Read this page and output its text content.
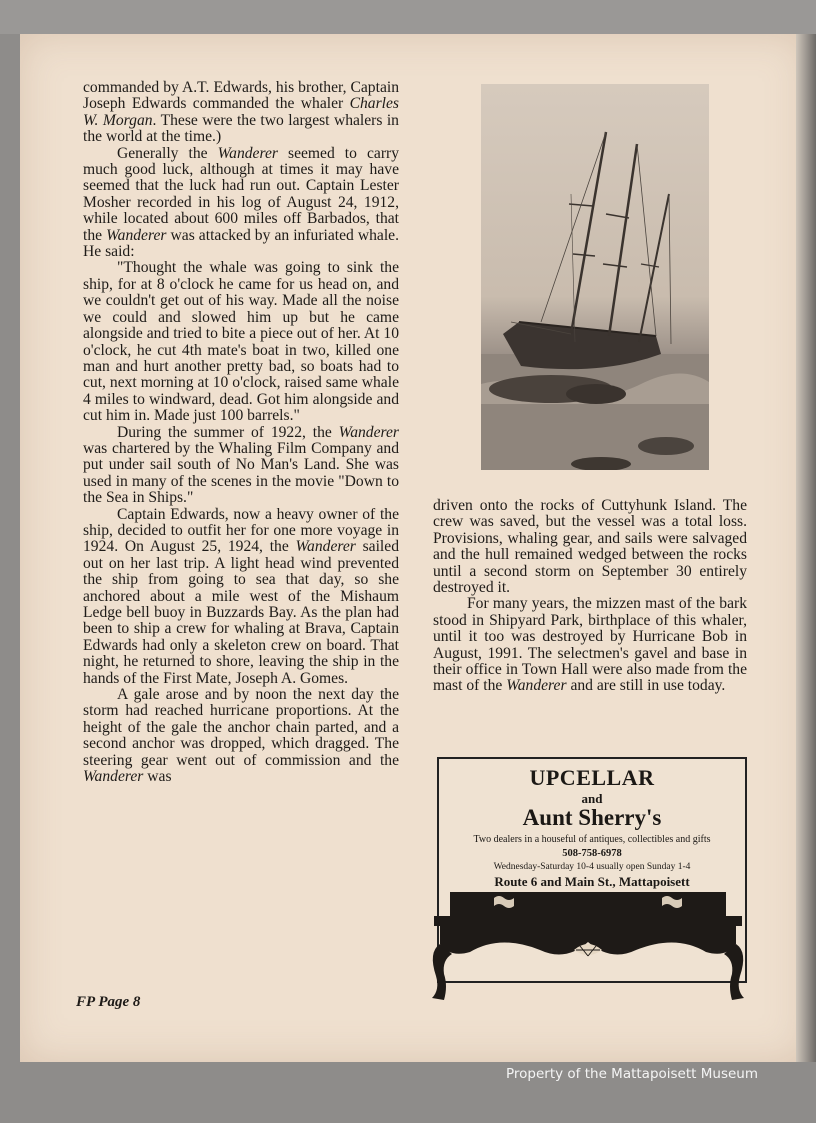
commanded by A.T. Edwards, his brother, Captain Joseph Edwards commanded the whaler Charles W. Morgan. These were the two largest whalers in the world at the time.)

Generally the Wanderer seemed to carry much good luck, although at times it may have seemed that the luck had run out. Captain Lester Mosher recorded in his log of August 24, 1912, while located about 600 miles off Barbados, that the Wanderer was attacked by an infuriated whale. He said:

"Thought the whale was going to sink the ship, for at 8 o'clock he came for us head on, and we couldn't get out of his way. Made all the noise we could and slowed him up but he came alongside and tried to bite a piece out of her. At 10 o'clock, he cut 4th mate's boat in two, killed one man and hurt another pretty bad, so boats had to cut, next morning at 10 o'clock, raised same whale 4 miles to windward, dead. Got him alongside and cut him in. Made just 100 barrels."

During the summer of 1922, the Wanderer was chartered by the Whaling Film Company and put under sail south of No Man's Land. She was used in many of the scenes in the movie "Down to the Sea in Ships."

Captain Edwards, now a heavy owner of the ship, decided to outfit her for one more voyage in 1924. On August 25, 1924, the Wanderer sailed out on her last trip. A light head wind prevented the ship from going to sea that day, so she anchored about a mile west of the Mishaum Ledge bell buoy in Buzzards Bay. As the plan had been to ship a crew for whaling at Brava, Captain Edwards had only a skeleton crew on board. That night, he returned to shore, leaving the ship in the hands of the First Mate, Joseph A. Gomes.

A gale arose and by noon the next day the storm had reached hurricane proportions. At the height of the gale the anchor chain parted, and a second anchor was dropped, which dragged. The steering gear went out of commission and the Wanderer was

driven onto the rocks of Cuttyhunk Island. The crew was saved, but the vessel was a total loss. Provisions, whaling gear, and sails were salvaged and the hull remained wedged between the rocks until a second storm on September 30 entirely destroyed it.

For many years, the mizzen mast of the bark stood in Shipyard Park, birthplace of this whaler, until it too was destroyed by Hurricane Bob in August, 1991. The selectmen's gavel and base in their office in Town Hall were also made from the mast of the Wanderer and are still in use today.

UPCELLAR
and
Aunt Sherry's
Two dealers in a houseful of antiques, collectibles and gifts
508-758-6978
Wednesday-Saturday 10-4 usually open Sunday 1-4
Route 6 and Main St., Mattapoisett
FP Page 8
Property of the Mattapoisett Museum
